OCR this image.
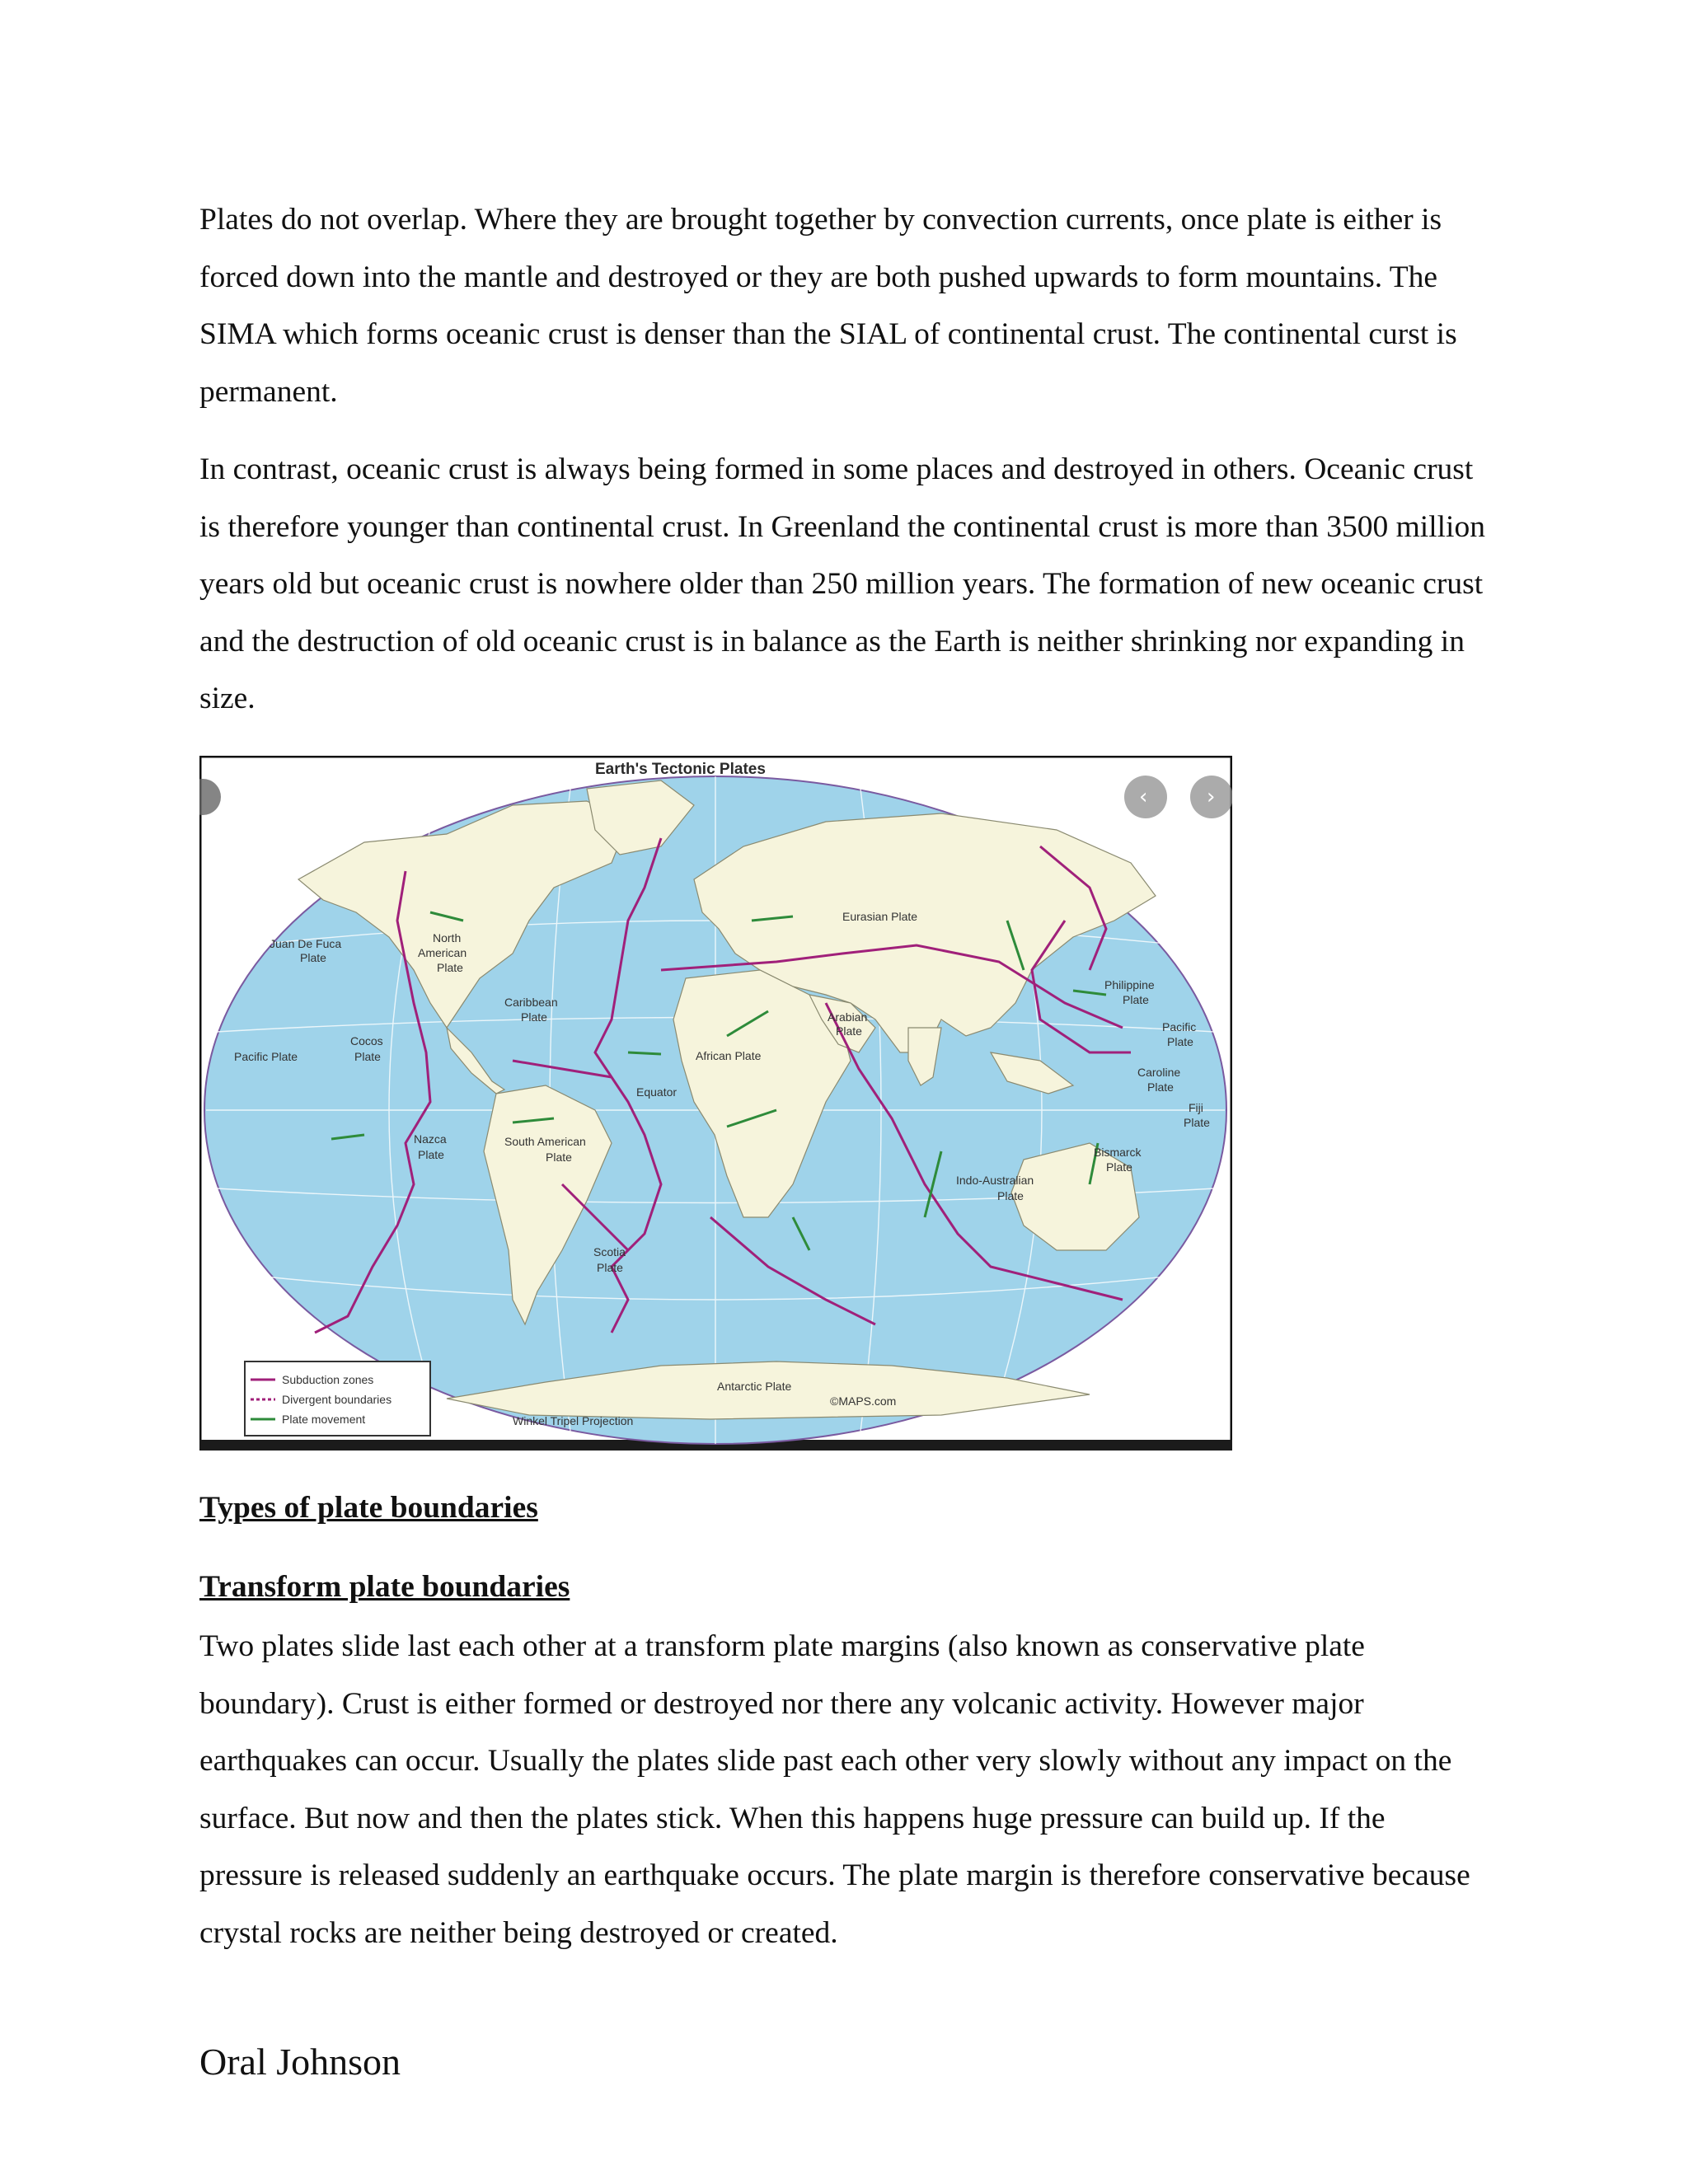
Plates do not overlap. Where they are brought together by convection currents, once plate is either is forced down into the mantle and destroyed or they are both pushed upwards to form mountains. The SIMA which forms oceanic crust is denser than the SIAL of continental crust. The continental curst is permanent.

In contrast, oceanic crust is always being formed in some places and destroyed in others. Oceanic crust is therefore younger than continental crust. In Greenland the continental crust is more than 3500 million years old but oceanic crust is nowhere older than 250 million years. The formation of new oceanic crust and the destruction of old oceanic crust is in balance as the Earth is neither shrinking nor expanding in size.

Earth's Tectonic Plates
‹	›
Juan De Fuca
Plate
North
American
Plate
Caribbean
Plate
Cocos
Plate
Pacific Plate
Nazca
Plate
South American
Plate
Scotia
Plate
African Plate
Arabian
Plate
Eurasian Plate
Indo-Australian
Plate
Philippine
Plate
Pacific
Plate
Caroline
Plate
Fiji
Plate
Bismarck
Plate
Antarctic Plate
Equator
Winkel Tripel Projection
©MAPS.com
Subduction zones
Divergent boundaries
Plate movement

Types of plate boundaries

Transform plate boundaries

Two plates slide last each other at a transform plate margins (also known as conservative plate boundary). Crust is either formed or destroyed nor there any volcanic activity. However major earthquakes can occur. Usually the plates slide past each other very slowly without any impact on the surface. But now and then the plates stick. When this happens huge pressure can build up. If the pressure is released suddenly an earthquake occurs. The plate margin is therefore conservative because crystal rocks are neither being destroyed or created.

Oral Johnson
